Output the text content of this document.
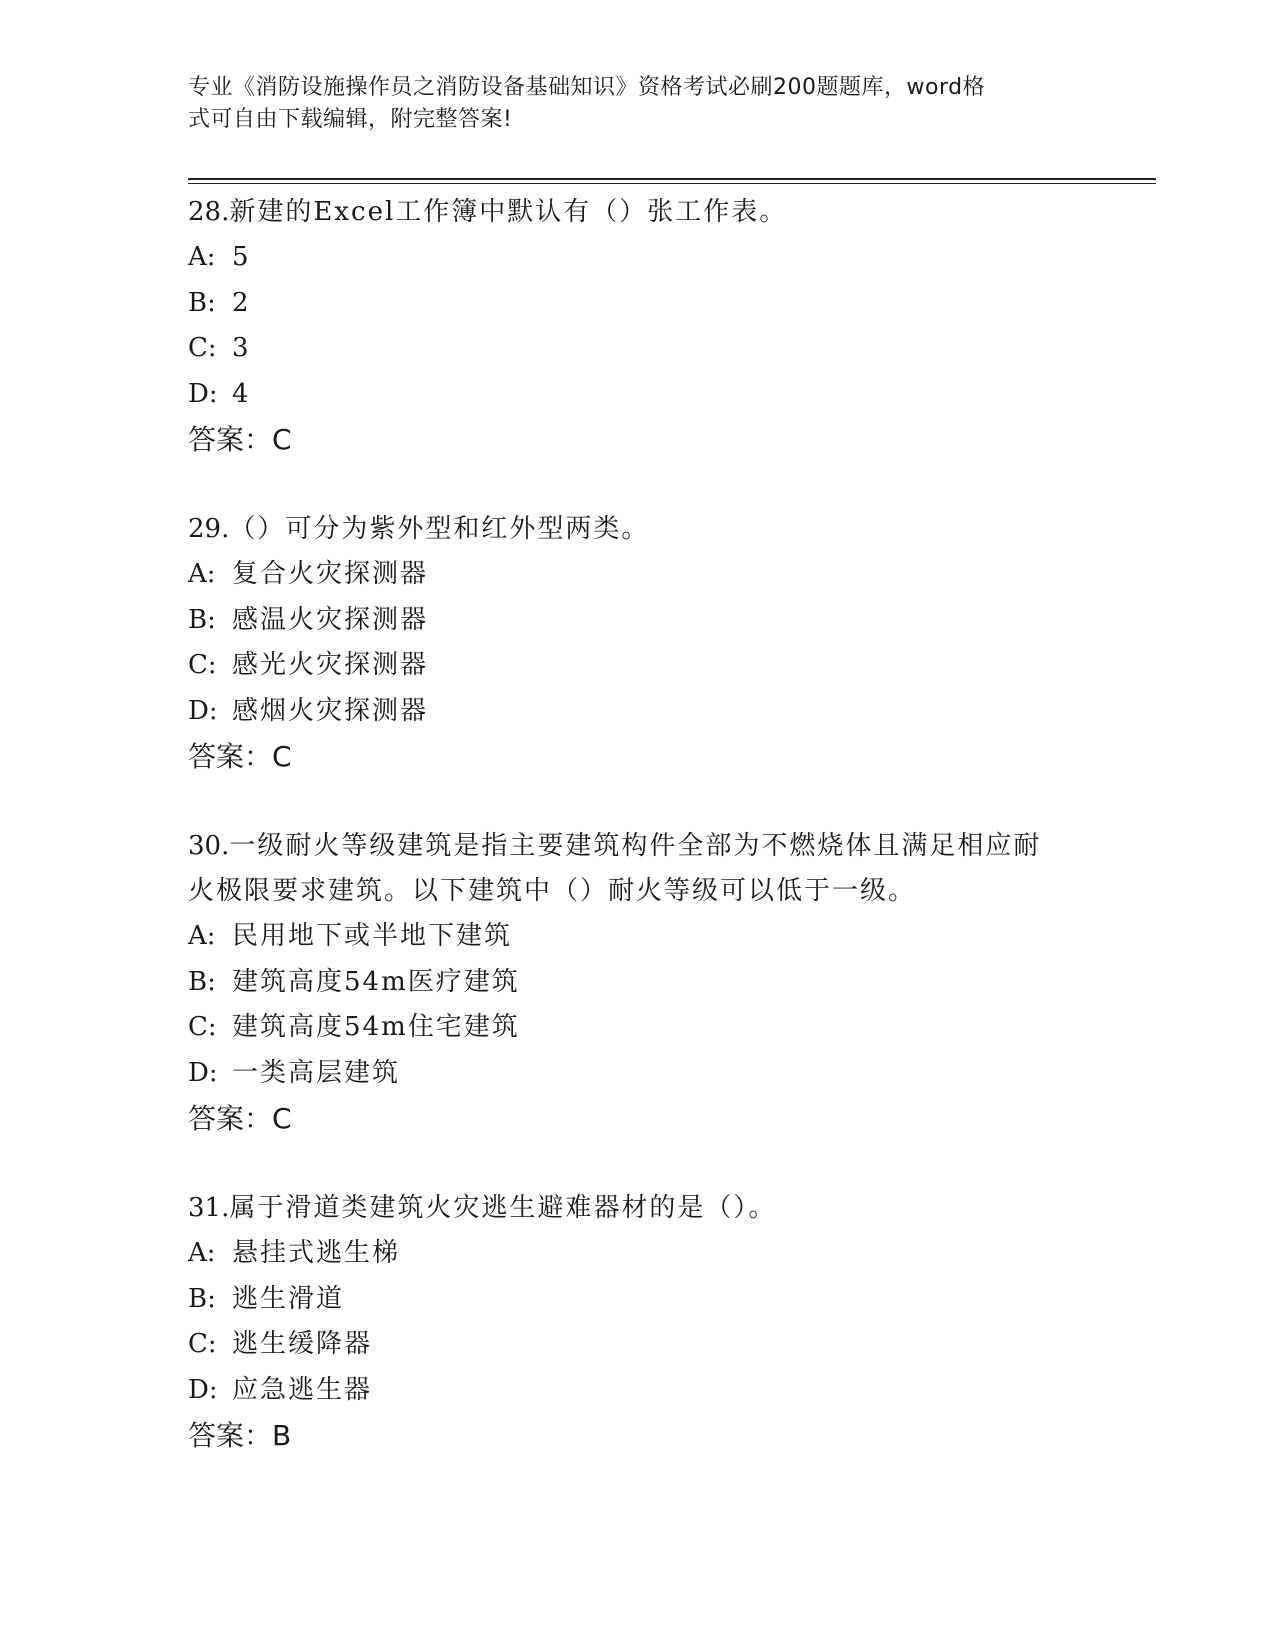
专业《消防设施操作员之消防设备基础知识》资格考试必刷200题题库，word格
式可自由下载编辑，附完整答案!
28.新建的Excel工作簿中默认有（）张工作表。
A: 5
B: 2
C: 3
D: 4
答案：C
29.（）可分为紫外型和红外型两类。
A: 复合火灾探测器
B: 感温火灾探测器
C: 感光火灾探测器
D: 感烟火灾探测器
答案：C
30.一级耐火等级建筑是指主要建筑构件全部为不燃烧体且满足相应耐
火极限要求建筑。以下建筑中（）耐火等级可以低于一级。
A: 民用地下或半地下建筑
B: 建筑高度54m医疗建筑
C: 建筑高度54m住宅建筑
D: 一类高层建筑
答案：C
31.属于滑道类建筑火灾逃生避难器材的是（）。
A: 悬挂式逃生梯
B: 逃生滑道
C: 逃生缓降器
D: 应急逃生器
答案：B
